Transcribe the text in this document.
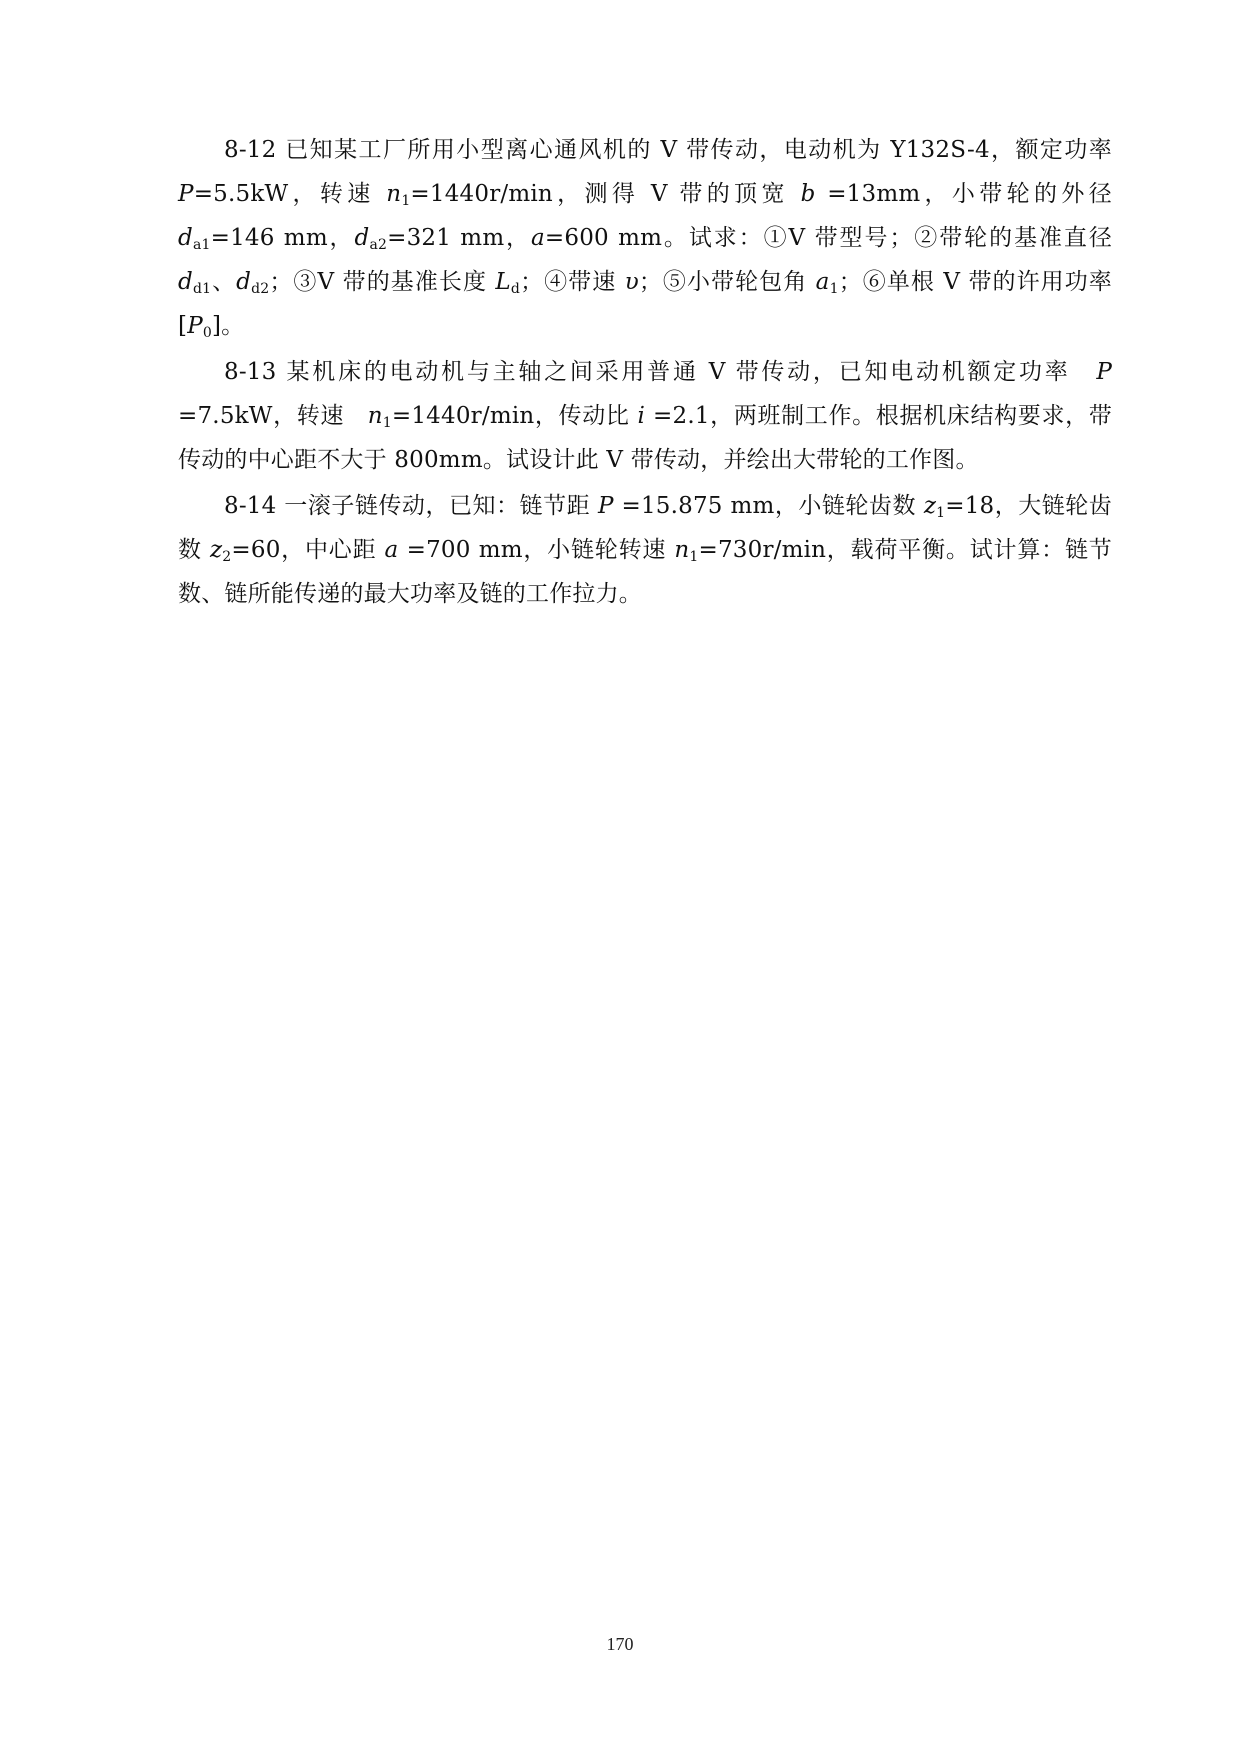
8-12 已知某工厂所用小型离心通风机的 V 带传动，电动机为 Y132S-4，额定功率 P=5.5kW，转速 $n_1=1440r/\min$，测得 V 带的顶宽 b =13mm，小带轮的外径 $d_{a1}=146$ mm，$d_{a2}=321$ mm，a=600 mm。试求：①V 带型号；②带轮的基准直径 $d_{d1}$、$d_{d2}$；③V 带的基准长度 $L_d$；④带速 υ；⑤小带轮包角 $a_1$；⑥单根 V 带的许用功率$[P_0]$。

8-13 某机床的电动机与主轴之间采用普通 V 带传动，已知电动机额定功率　P =7.5kW，转速　$n_1=1440r/\min$，传动比 i =2.1，两班制工作。根据机床结构要求，带传动的中心距不大于 800mm。试设计此 V 带传动，并绘出大带轮的工作图。

8-14 一滚子链传动，已知：链节距 P =15.875 mm，小链轮齿数 $z_1=18$，大链轮齿数 $z_2=60$，中心距 a =700 mm，小链轮转速 $n_1=730r/\min$，载荷平衡。试计算：链节数、链所能传递的最大功率及链的工作拉力。

170
